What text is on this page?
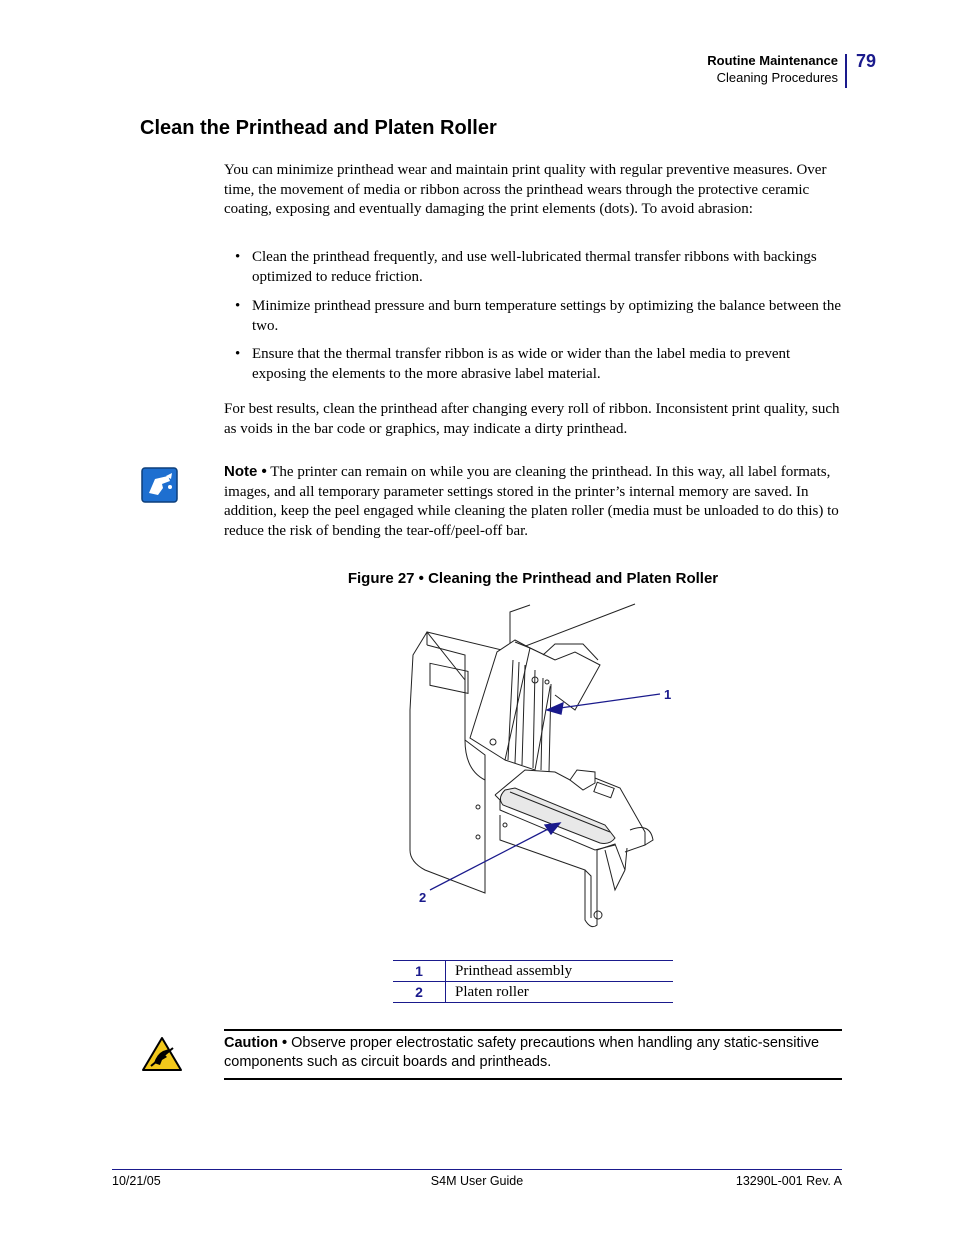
Routine Maintenance
Cleaning Procedures
79
Clean the Printhead and Platen Roller
You can minimize printhead wear and maintain print quality with regular preventive measures. Over time, the movement of media or ribbon across the printhead wears through the protective ceramic coating, exposing and eventually damaging the print elements (dots). To avoid abrasion:
• Clean the printhead frequently, and use well-lubricated thermal transfer ribbons with backings optimized to reduce friction.
• Minimize printhead pressure and burn temperature settings by optimizing the balance between the two.
• Ensure that the thermal transfer ribbon is as wide or wider than the label media to prevent exposing the elements to the more abrasive label material.
For best results, clean the printhead after changing every roll of ribbon. Inconsistent print quality, such as voids in the bar code or graphics, may indicate a dirty printhead.
Note • The printer can remain on while you are cleaning the printhead. In this way, all label formats, images, and all temporary parameter settings stored in the printer’s internal memory are saved. In addition, keep the peel engaged while cleaning the platen roller (media must be unloaded to do this) to reduce the risk of bending the tear-off/peel-off bar.
Figure 27 • Cleaning the Printhead and Platen Roller
1
2
1	Printhead assembly
2	Platen roller
Caution • Observe proper electrostatic safety precautions when handling any static-sensitive components such as circuit boards and printheads.
10/21/05	S4M User Guide	13290L-001 Rev. A
